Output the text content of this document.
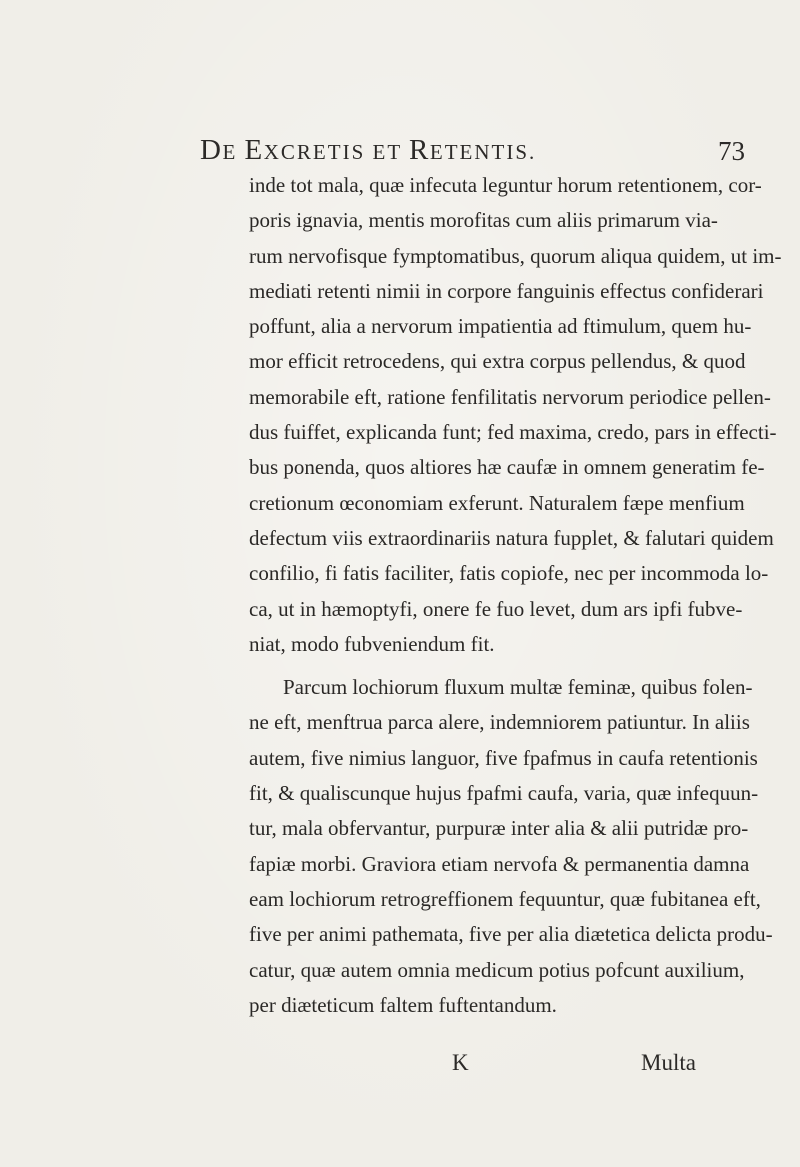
DE EXCRETIS ET RETENTIS.	73
inde tot mala, quæ infecuta leguntur horum retentionem, cor-
poris ignavia, mentis morofitas cum aliis primarum via-
rum nervofisque fymptomatibus, quorum aliqua quidem, ut im-
mediati retenti nimii in corpore fanguinis effectus confiderari
poffunt, alia a nervorum impatientia ad ftimulum, quem hu-
mor efficit retrocedens, qui extra corpus pellendus, & quod
memorabile eft, ratione fenfilitatis nervorum periodice pellen-
dus fuiffet, explicanda funt; fed maxima, credo, pars in effecti-
bus ponenda, quos altiores hæ caufæ in omnem generatim fe-
cretionum œconomiam exferunt. Naturalem fæpe menfium
defectum viis extraordinariis natura fupplet, & falutari quidem
confilio, fi fatis faciliter, fatis copiofe, nec per incommoda lo-
ca, ut in hæmoptyfi, onere fe fuo levet, dum ars ipfi fubve-
niat, modo fubveniendum fit.
Parcum lochiorum fluxum multæ feminæ, quibus folen-
ne eft, menftrua parca alere, indemniorem patiuntur. In aliis
autem, five nimius languor, five fpafmus in caufa retentionis
fit, & qualiscunque hujus fpafmi caufa, varia, quæ infequun-
tur, mala obfervantur, purpuræ inter alia & alii putridæ pro-
fapiæ morbi. Graviora etiam nervofa & permanentia damna
eam lochiorum retrogreffionem fequuntur, quæ fubitanea eft,
five per animi pathemata, five per alia diætetica delicta produ-
catur, quæ autem omnia medicum potius pofcunt auxilium,
per diæteticum faltem fuftentandum.
K	Multa
